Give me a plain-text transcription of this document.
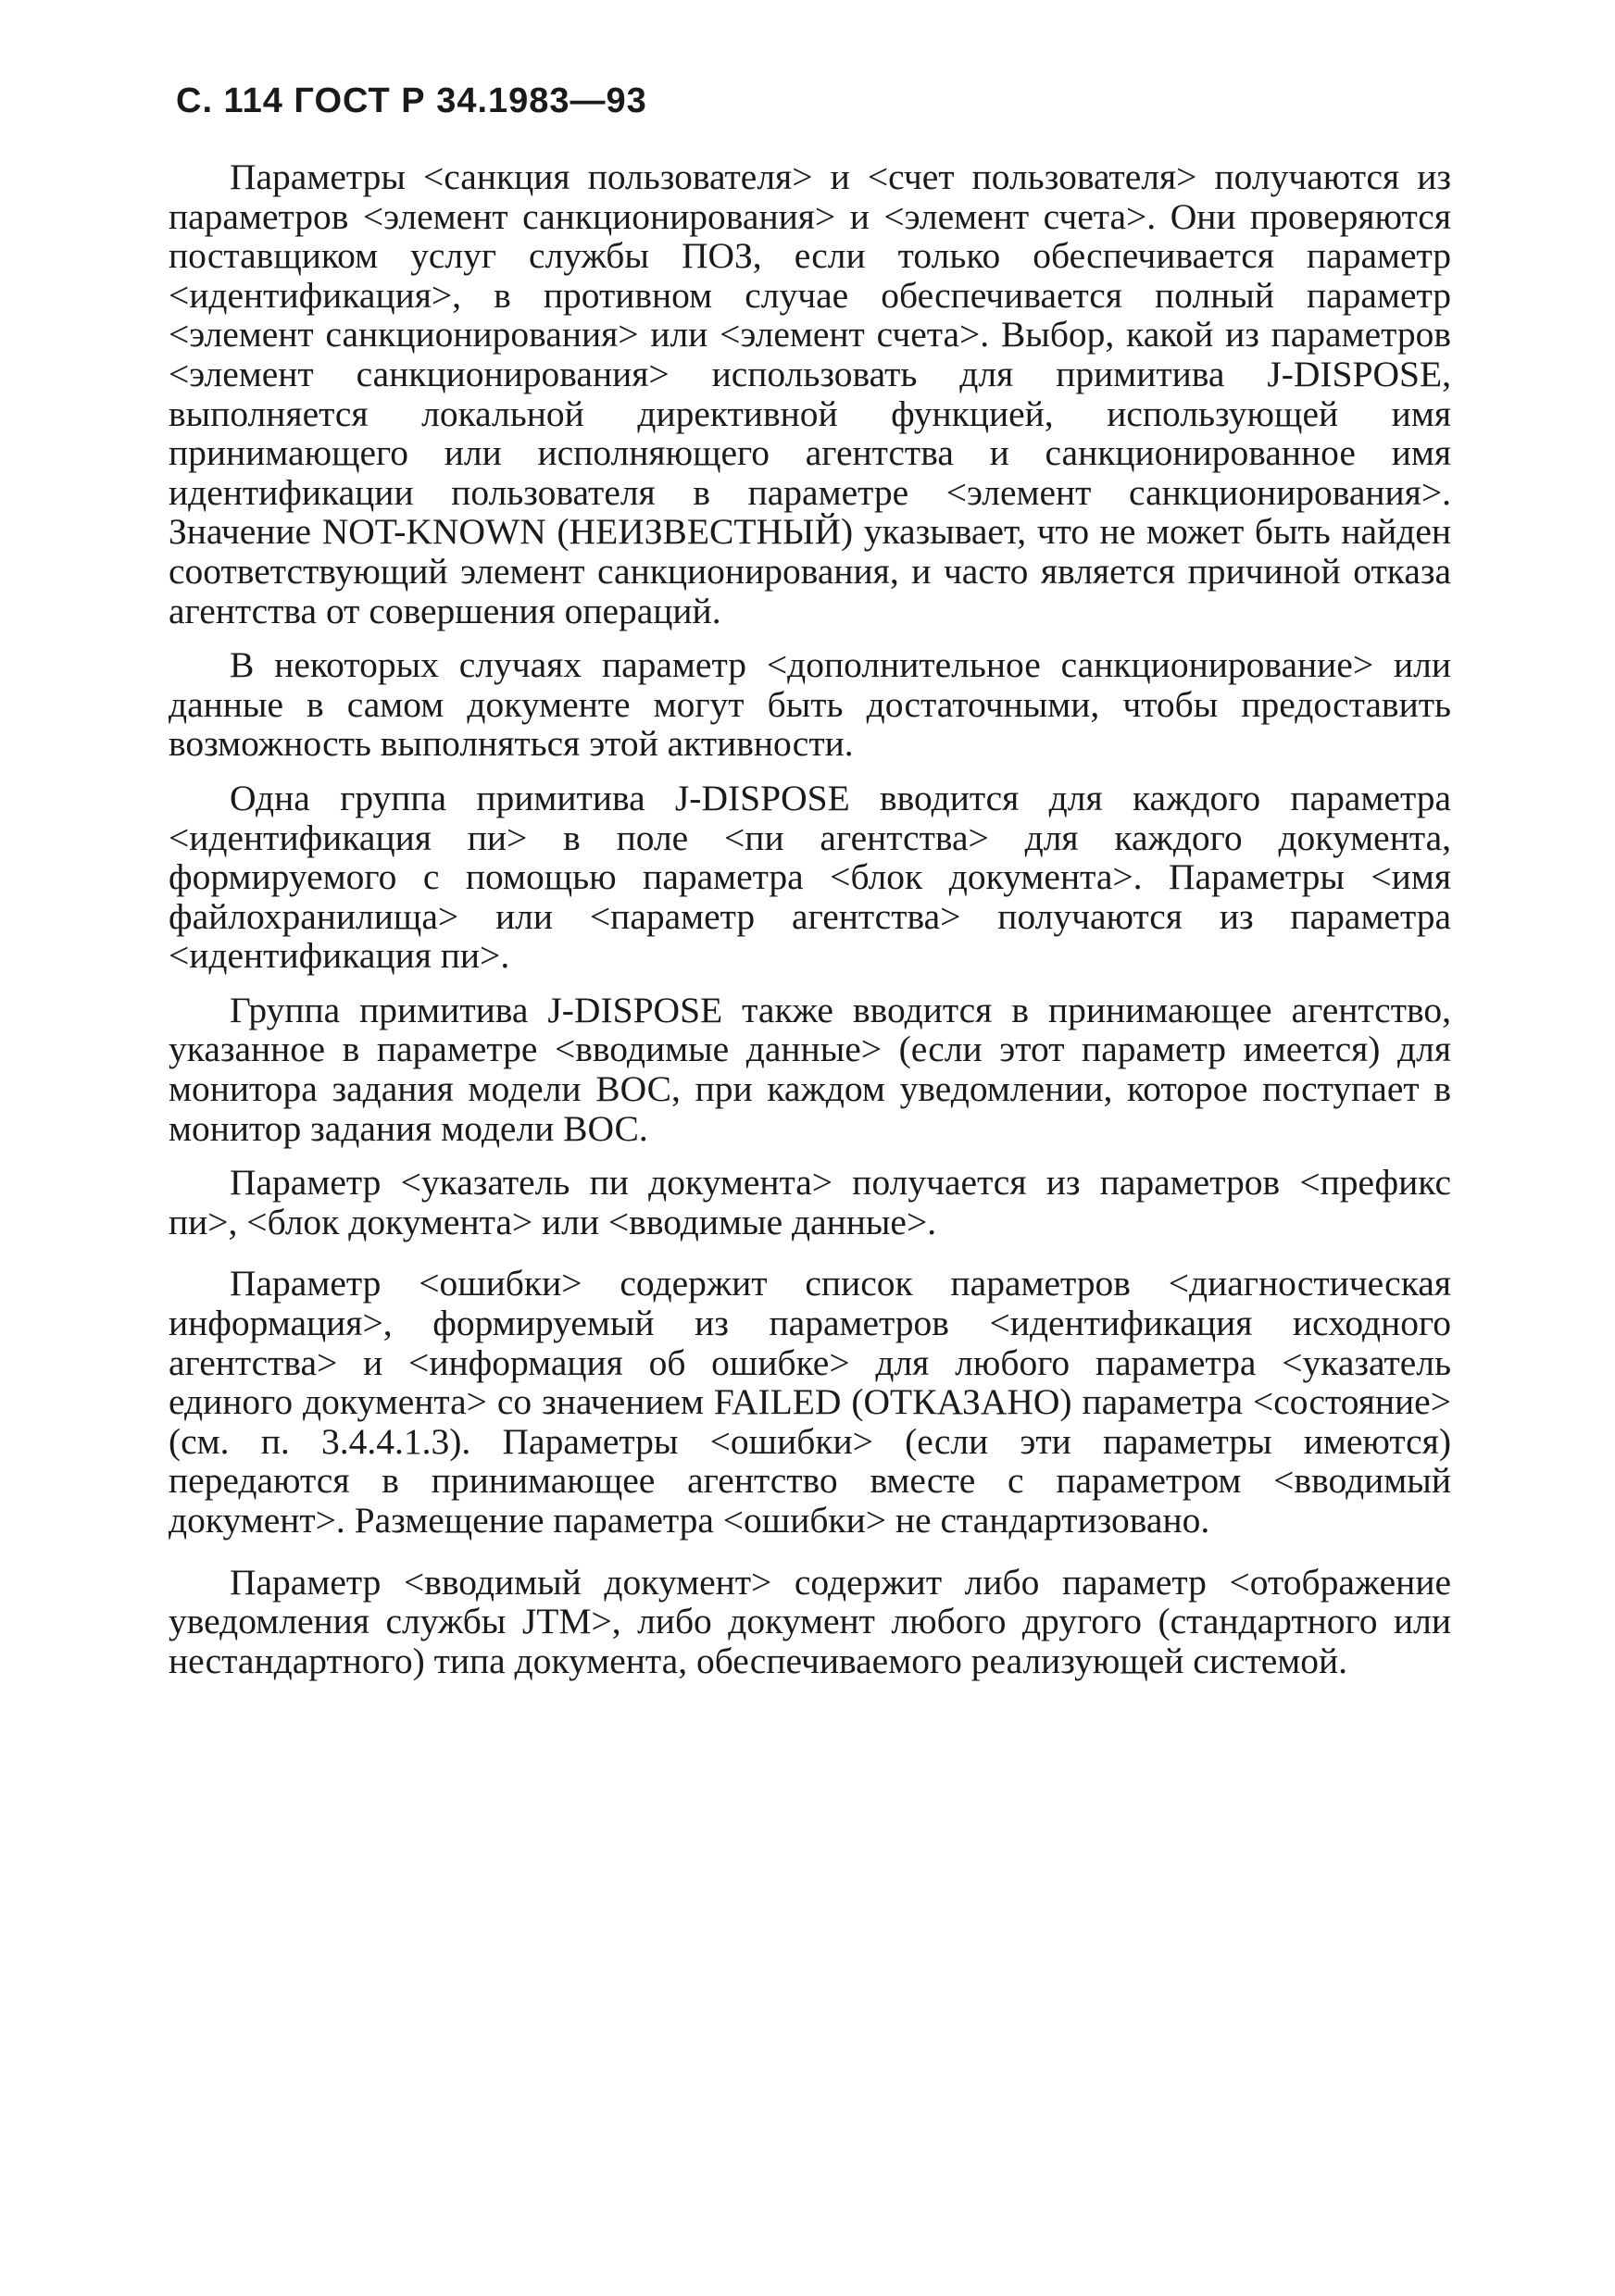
С. 114 ГОСТ Р 34.1983—93

Параметры <санкция пользователя> и <счет пользователя> получаются из параметров <элемент санкционирования> и <элемент счета>. Они проверяются поставщиком услуг службы ПОЗ, если только обеспечивается параметр <идентификация>, в противном случае обеспечивается полный параметр <элемент санкционирования> или <элемент счета>. Выбор, какой из параметров <элемент санкционирования> использовать для примитива J-DISPOSE, выполняется локальной директивной функцией, использующей имя принимающего или исполняющего агентства и санкционированное имя идентификации пользователя в параметре <элемент санкционирования>. Значение NOT-KNOWN (НЕИЗВЕСТНЫЙ) указывает, что не может быть найден соответствующий элемент санкционирования, и часто является причиной отказа агентства от совершения операций.

В некоторых случаях параметр <дополнительное санкционирование> или данные в самом документе могут быть достаточными, чтобы предоставить возможность выполняться этой активности.

Одна группа примитива J-DISPOSE вводится для каждого параметра <идентификация пи> в поле <пи агентства> для каждого документа, формируемого с помощью параметра <блок документа>. Параметры <имя файлохранилища> или <параметр агентства> получаются из параметра <идентификация пи>.

Группа примитива J-DISPOSE также вводится в принимающее агентство, указанное в параметре <вводимые данные> (если этот параметр имеется) для монитора задания модели ВОС, при каждом уведомлении, которое поступает в монитор задания модели ВОС.

Параметр <указатель пи документа> получается из параметров <префикс пи>, <блок документа> или <вводимые данные>.

Параметр <ошибки> содержит список параметров <диагностическая информация>, формируемый из параметров <идентификация исходного агентства> и <информация об ошибке> для любого параметра <указатель единого документа> со значением FAILED (ОТКАЗАНО) параметра <состояние> (см. п. 3.4.4.1.3). Параметры <ошибки> (если эти параметры имеются) передаются в принимающее агентство вместе с параметром <вводимый документ>. Размещение параметра <ошибки> не стандартизовано.

Параметр <вводимый документ> содержит либо параметр <отображение уведомления службы JTM>, либо документ любого другого (стандартного или нестандартного) типа документа, обеспечиваемого реализующей системой.
